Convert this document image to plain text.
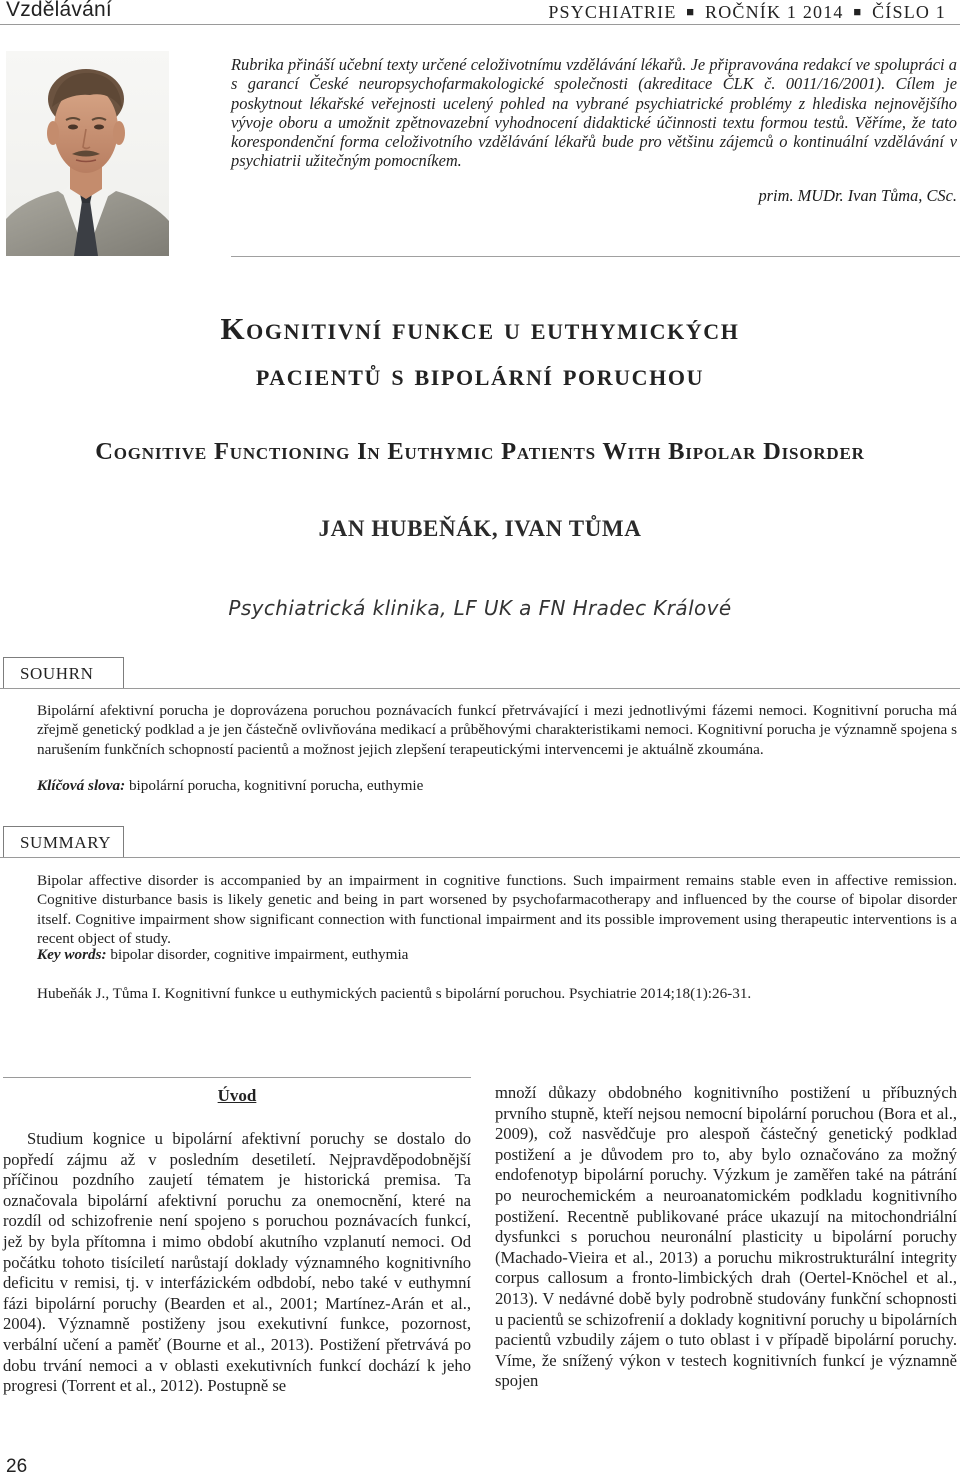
Vzdělávání	PSYCHIATRIE ■ ROČNÍK 1 2014 ■ ČÍSLO 1

Rubrika přináší učební texty určené celoživotnímu vzdělávání lékařů. Je připravována redakcí ve spolupráci a s garancí České neuropsychofarmakologické společnosti (akreditace ČLK č. 0011/16/2001). Cílem je poskytnout lékařské veřejnosti ucelený pohled na vybrané psychiatrické problémy z hlediska nejnovějšího vývoje oboru a umožnit zpětnovazební vyhodnocení didaktické účinnosti textu formou testů. Věříme, že tato korespondenční forma celoživotního vzdělávání lékařů bude pro většinu zájemců o kontinuální vzdělávání v psychiatrii užitečným pomocníkem.

prim. MUDr. Ivan Tůma, CSc.

Kognitivní funkce u euthymických
pacientů s bipolární poruchou
Cognitive Functioning In Euthymic Patients With Bipolar Disorder

JAN HUBEŇÁK, IVAN TŮMA

Psychiatrická klinika, LF UK a FN Hradec Králové

SOUHRN

Bipolární afektivní porucha je doprovázena poruchou poznávacích funkcí přetrvávající i mezi jednotlivými fázemi nemoci. Kognitivní porucha má zřejmě genetický podklad a je jen částečně ovlivňována medikací a průběhovými charakteristikami nemoci. Kognitivní porucha je významně spojena s narušením funkčních schopností pacientů a možnost jejich zlepšení terapeutickými intervencemi je aktuálně zkoumána.

Klíčová slova: bipolární porucha, kognitivní porucha, euthymie

SUMMARY

Bipolar affective disorder is accompanied by an impairment in cognitive functions. Such impairment remains stable even in affective remission. Cognitive disturbance basis is likely genetic and being in part worsened by psychofarmacotherapy and influenced by the course of bipolar disorder itself. Cognitive impairment show significant connection with functional impairment and its possible improvement using therapeutic interventions is a recent object of study.

Key words: bipolar disorder, cognitive impairment, euthymia

Hubeňák J., Tůma I. Kognitivní funkce u euthymických pacientů s bipolární poruchou. Psychiatrie 2014;18(1):26-31.

Úvod

Studium kognice u bipolární afektivní poruchy se dostalo do popředí zájmu až v posledním desetiletí. Nejpravděpodobnější příčinou pozdního zaujetí tématem je historická premisa. Ta označovala bipolární afektivní poruchu za onemocnění, které na rozdíl od schizofrenie není spojeno s poruchou poznávacích funkcí, jež by byla přítomna i mimo období akutního vzplanutí nemoci. Od počátku tohoto tisíciletí narůstají doklady významného kognitivního deficitu v remisi, tj. v interfázickém odbdobí, nebo také v euthymní fázi bipolární poruchy (Bearden et al., 2001; Martínez-Arán et al., 2004). Významně postiženy jsou exekutivní funkce, pozornost, verbální učení a paměť (Bourne et al., 2013). Postižení přetrvává po dobu trvání nemoci a v oblasti exekutivních funkcí dochází k jeho progresi (Torrent et al., 2012). Postupně se

množí důkazy obdobného kognitivního postižení u příbuzných prvního stupně, kteří nejsou nemocní bipolární poruchou (Bora et al., 2009), což nasvědčuje pro alespoň částečný genetický podklad postižení a je důvodem pro to, aby bylo označováno za možný endofenotyp bipolární poruchy. Výzkum je zaměřen také na pátrání po neurochemickém a neuroanatomickém podkladu kognitivního postižení. Recentně publikované práce ukazují na mitochondriální dysfunkci s poruchou neuronální plasticity u bipolární poruchy (Machado-Vieira et al., 2013) a poruchu mikrostrukturální integrity corpus callosum a fronto-limbických drah (Oertel-Knöchel et al., 2013). V nedávné době byly podrobně studovány funkční schopnosti u pacientů se schizofrenií a doklady kognitivní poruchy u bipolárních pacientů vzbudily zájem o tuto oblast i v případě bipolární poruchy. Víme, že snížený výkon v testech kognitivních funkcí je významně spojen

26
